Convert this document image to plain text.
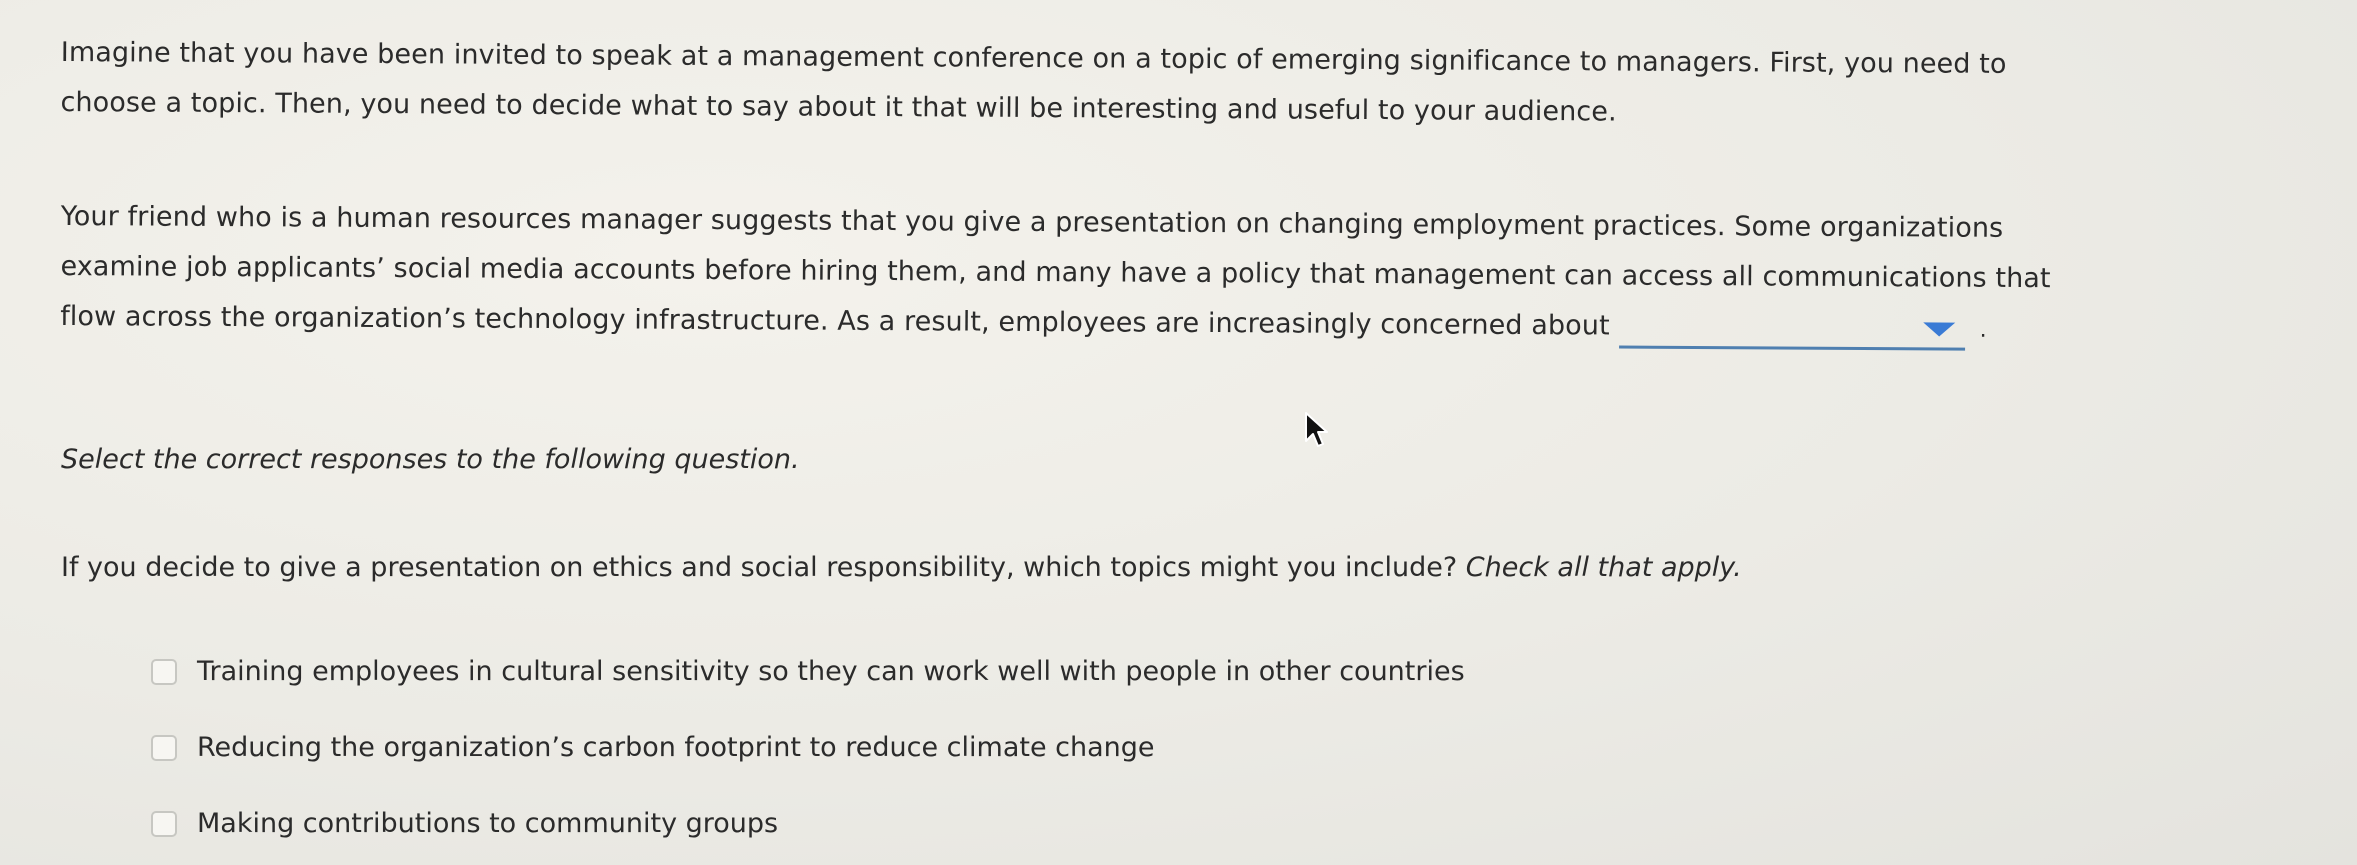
Imagine that you have been invited to speak at a management conference on a topic of emerging significance to managers. First, you need to choose a topic. Then, you need to decide what to say about it that will be interesting and useful to your audience.
Your friend who is a human resources manager suggests that you give a presentation on changing employment practices. Some organizations examine job applicants’ social media accounts before hiring them, and many have a policy that management can access all communications that flow across the organization’s technology infrastructure. As a result, employees are increasingly concerned about	.
Select the correct responses to the following question.
If you decide to give a presentation on ethics and social responsibility, which topics might you include? Check all that apply.
Training employees in cultural sensitivity so they can work well with people in other countries
Reducing the organization’s carbon footprint to reduce climate change
Making contributions to community groups
